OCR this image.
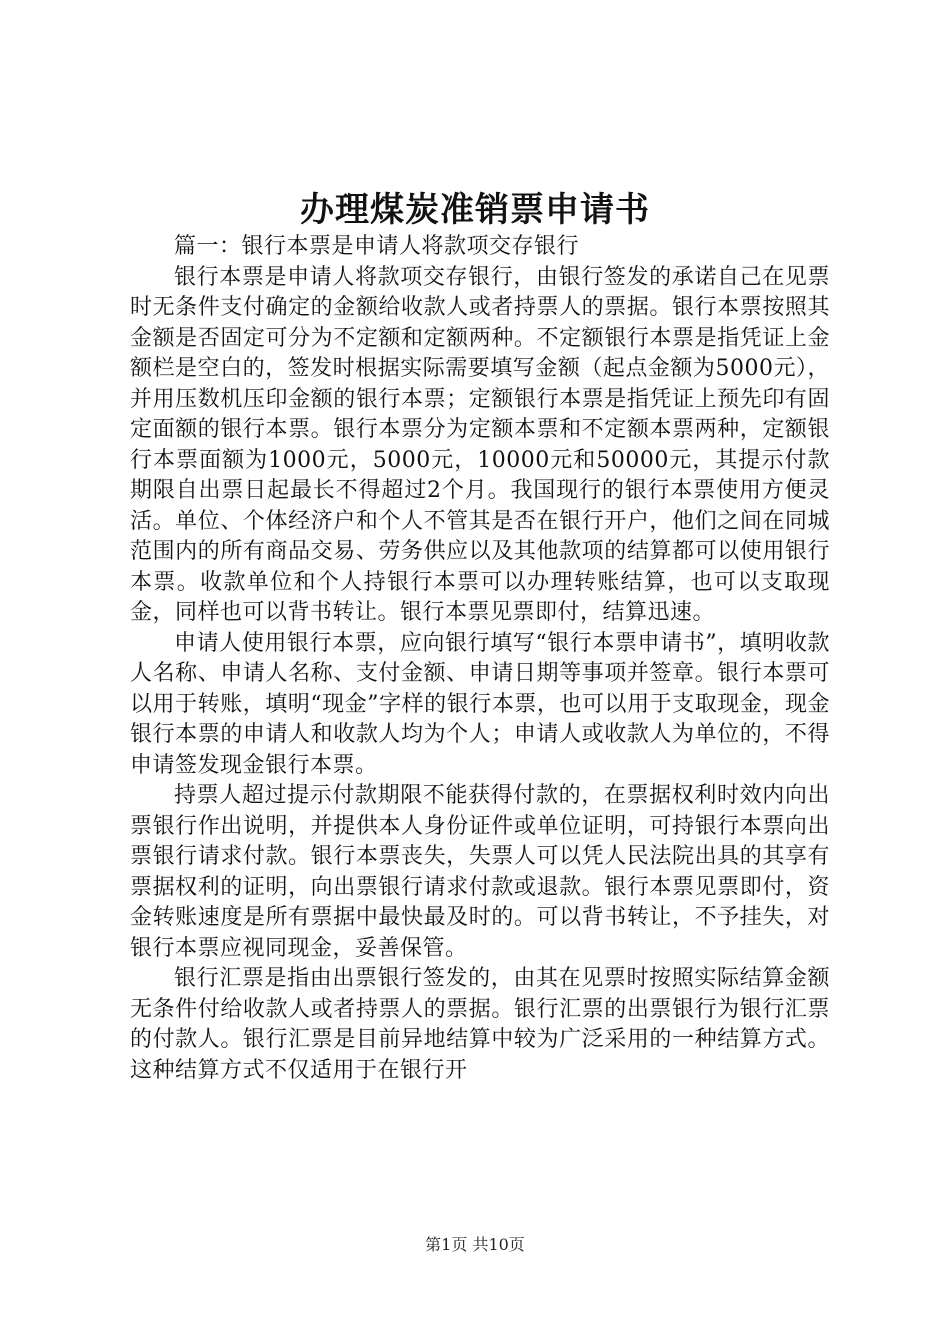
办理煤炭准销票申请书

篇一：银行本票是申请人将款项交存银行

银行本票是申请人将款项交存银行，由银行签发的承诺自己在见票时无条件支付确定的金额给收款人或者持票人的票据。银行本票按照其金额是否固定可分为不定额和定额两种。不定额银行本票是指凭证上金额栏是空白的，签发时根据实际需要填写金额（起点金额为5000元），并用压数机压印金额的银行本票；定额银行本票是指凭证上预先印有固定面额的银行本票。银行本票分为定额本票和不定额本票两种，定额银行本票面额为1000元，5000元，10000元和50000元，其提示付款期限自出票日起最长不得超过2个月。我国现行的银行本票使用方便灵活。单位、个体经济户和个人不管其是否在银行开户，他们之间在同城范围内的所有商品交易、劳务供应以及其他款项的结算都可以使用银行本票。收款单位和个人持银行本票可以办理转账结算，也可以支取现金，同样也可以背书转让。银行本票见票即付，结算迅速。

申请人使用银行本票，应向银行填写“银行本票申请书”，填明收款人名称、申请人名称、支付金额、申请日期等事项并签章。银行本票可以用于转账，填明“现金”字样的银行本票，也可以用于支取现金，现金银行本票的申请人和收款人均为个人；申请人或收款人为单位的，不得申请签发现金银行本票。

持票人超过提示付款期限不能获得付款的，在票据权利时效内向出票银行作出说明，并提供本人身份证件或单位证明，可持银行本票向出票银行请求付款。银行本票丧失，失票人可以凭人民法院出具的其享有票据权利的证明，向出票银行请求付款或退款。银行本票见票即付，资金转账速度是所有票据中最快最及时的。可以背书转让，不予挂失，对银行本票应视同现金，妥善保管。

银行汇票是指由出票银行签发的，由其在见票时按照实际结算金额无条件付给收款人或者持票人的票据。银行汇票的出票银行为银行汇票的付款人。银行汇票是目前异地结算中较为广泛采用的一种结算方式。这种结算方式不仅适用于在银行开

第1页 共10页
